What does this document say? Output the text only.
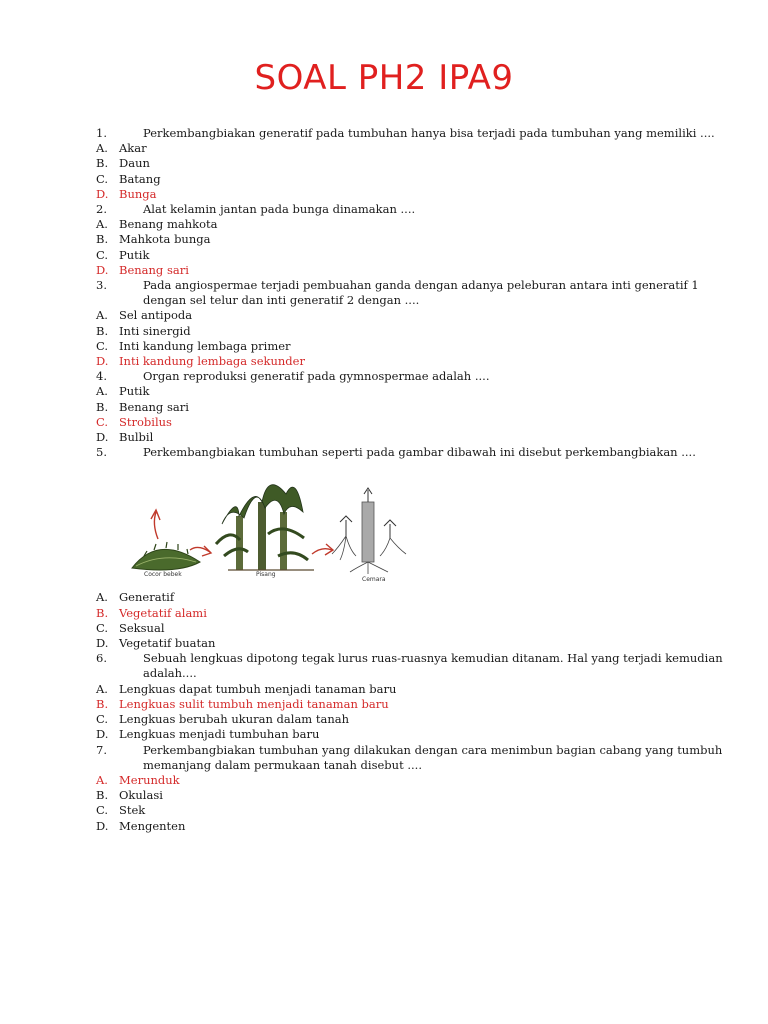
SOAL PH2 IPA9
1.	Perkembangbiakan generatif pada tumbuhan hanya bisa terjadi pada tumbuhan yang memiliki ....
A. Akar
B. Daun
C. Batang
D. Bunga
2.	Alat kelamin jantan pada bunga dinamakan ....
A. Benang mahkota
B. Mahkota bunga
C. Putik
D. Benang sari
3.	Pada angiospermae terjadi pembuahan ganda dengan adanya peleburan antara inti generatif 1 dengan sel telur dan inti generatif 2 dengan ....
A. Sel antipoda
B. Inti sinergid
C. Inti kandung lembaga primer
D. Inti kandung lembaga sekunder
4.	Organ reproduksi generatif pada gymnospermae adalah ....
A. Putik
B. Benang sari
C. Strobilus
D. Bulbil
5.	Perkembangbiakan tumbuhan seperti pada gambar dibawah ini disebut perkembangbiakan ....
Cocor bebek	Pisang
Cemara
A. Generatif
B. Vegetatif alami
C. Seksual
D. Vegetatif buatan
6.	Sebuah lengkuas dipotong tegak lurus ruas-ruasnya kemudian ditanam. Hal yang terjadi kemudian adalah....
A. Lengkuas dapat tumbuh menjadi tanaman baru
B. Lengkuas sulit tumbuh menjadi tanaman baru
C. Lengkuas berubah ukuran dalam tanah
D. Lengkuas menjadi tumbuhan baru
7.	Perkembangbiakan tumbuhan yang dilakukan dengan cara menimbun bagian cabang yang tumbuh memanjang dalam permukaan tanah disebut ....
A. Merunduk
B. Okulasi
C. Stek
D. Mengenten
